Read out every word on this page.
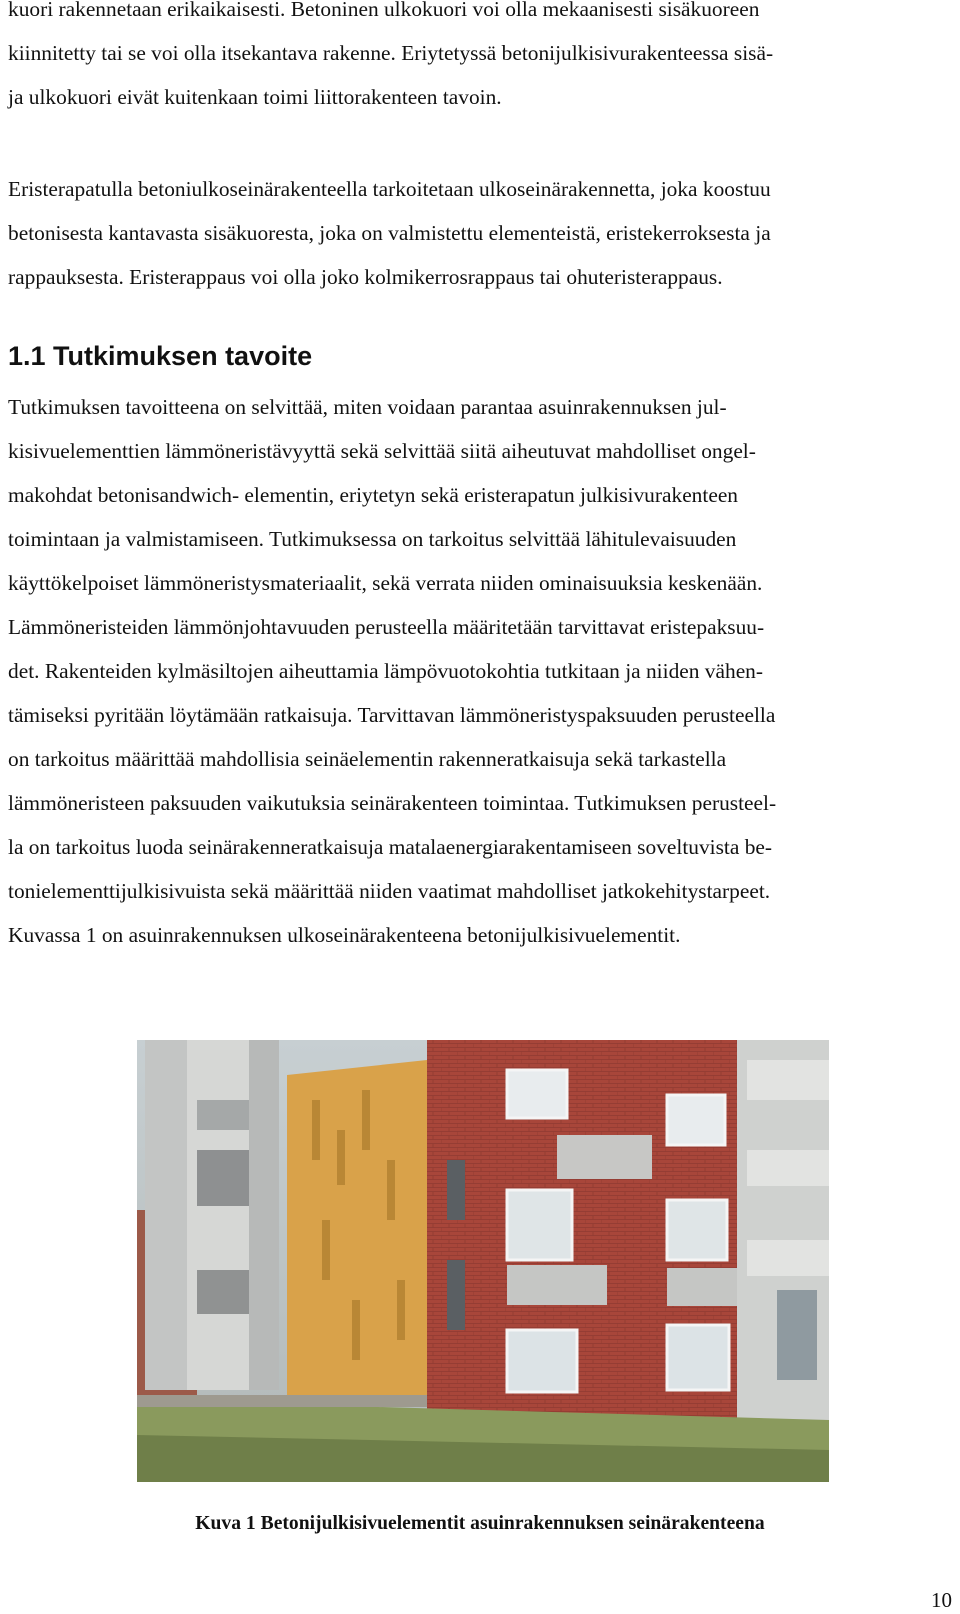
kuori rakennetaan erikaikaisesti. Betoninen ulkokuori voi olla mekaanisesti sisäkuoreen
kiinnitetty tai se voi olla itsekantava rakenne. Eriytetyssä betonijulkisivurakenteessa sisä-
ja ulkokuori eivät kuitenkaan toimi liittorakenteen tavoin.
Eristerapatulla betoniulkoseinärakenteella tarkoitetaan ulkoseinärakennetta, joka koostuu
betonisesta kantavasta sisäkuoresta, joka on valmistettu elementeistä, eristekerroksesta ja
rappauksesta. Eristerappaus voi olla joko kolmikerrosrappaus tai ohuteristerappaus.
1.1 Tutkimuksen tavoite
Tutkimuksen tavoitteena on selvittää, miten voidaan parantaa asuinrakennuksen jul-
kisivuelementtien lämmöneristävyyttä sekä selvittää siitä aiheutuvat mahdolliset ongel-
makohdat betonisandwich- elementin, eriytetyn sekä eristerapatun julkisivurakenteen
toimintaan ja valmistamiseen. Tutkimuksessa on tarkoitus selvittää lähitulevaisuuden
käyttökelpoiset lämmöneristysmateriaalit, sekä verrata niiden ominaisuuksia keskenään.
Lämmöneristeiden lämmönjohtavuuden perusteella määritetään tarvittavat eristepaksuu-
det. Rakenteiden kylmäsiltojen aiheuttamia lämpövuotokohtia tutkitaan ja niiden vähen-
tämiseksi pyritään löytämään ratkaisuja. Tarvittavan lämmöneristyspaksuuden perusteella
on tarkoitus määrittää mahdollisia seinäelementin rakenneratkaisuja sekä tarkastella
lämmöneristeen paksuuden vaikutuksia seinärakenteen toimintaa. Tutkimuksen perusteel-
la on tarkoitus luoda seinärakenneratkaisuja matalaenergiarakentamiseen soveltuvista be-
tonielementtijulkisivuista sekä määrittää niiden vaatimat mahdolliset jatkokehitystarpeet.
Kuvassa 1 on asuinrakennuksen ulkoseinärakenteena betonijulkisivuelementit.
Kuva 1 Betonijulkisivuelementit asuinrakennuksen seinärakenteena
10
